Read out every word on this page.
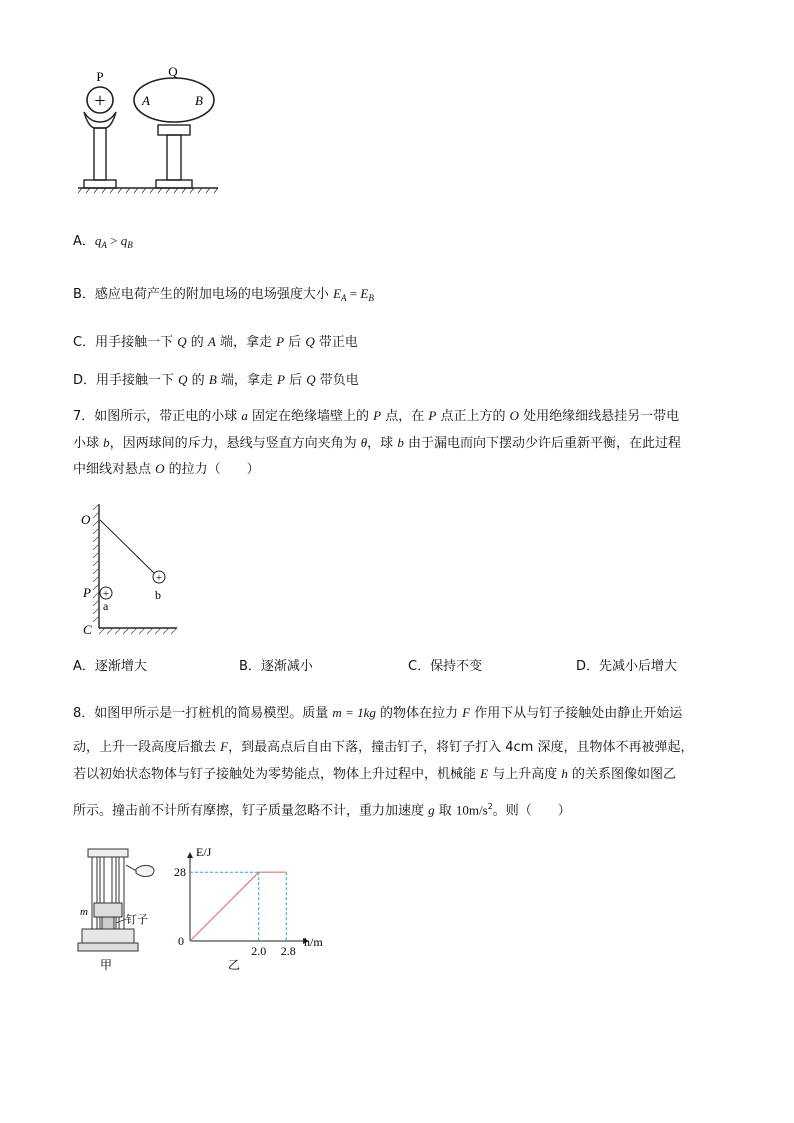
+
P	Q
A	B
A．$q_A > q_B$
B．感应电荷产生的附加电场的电场强度大小 $E_A = E_B$
C．用手接触一下 Q 的 A 端，拿走 P 后 Q 带正电
D．用手接触一下 Q 的 B 端，拿走 P 后 Q 带负电
7．如图所示，带正电的小球 a 固定在绝缘墙壁上的 P 点，在 P 点正上方的 O 处用绝缘细线悬挂另一带电
小球 b，因两球间的斥力，悬线与竖直方向夹角为 θ，球 b 由于漏电而向下摆动少许后重新平衡，在此过程
中细线对悬点 O 的拉力（　　）
+
b
+
a
O
P
C
A．逐渐增大	B．逐渐减小	C．保持不变	D．先减小后增大
8．如图甲所示是一打桩机的简易模型。质量 m = 1kg 的物体在拉力 F 作用下从与钉子接触处由静止开始运
动，上升一段高度后撤去 F，到最高点后自由下落，撞击钉子，将钉子打入 4cm 深度，且物体不再被弹起，
若以初始状态物体与钉子接触处为零势能点，物体上升过程中，机械能 E 与上升高度 h 的关系图像如图乙
所示。撞击前不计所有摩擦，钉子质量忽略不计，重力加速度 g 取 $10m/s^2$。则（　　）
m
钉子
甲
E/J
h/m
0
28
2.0 2.8
乙
